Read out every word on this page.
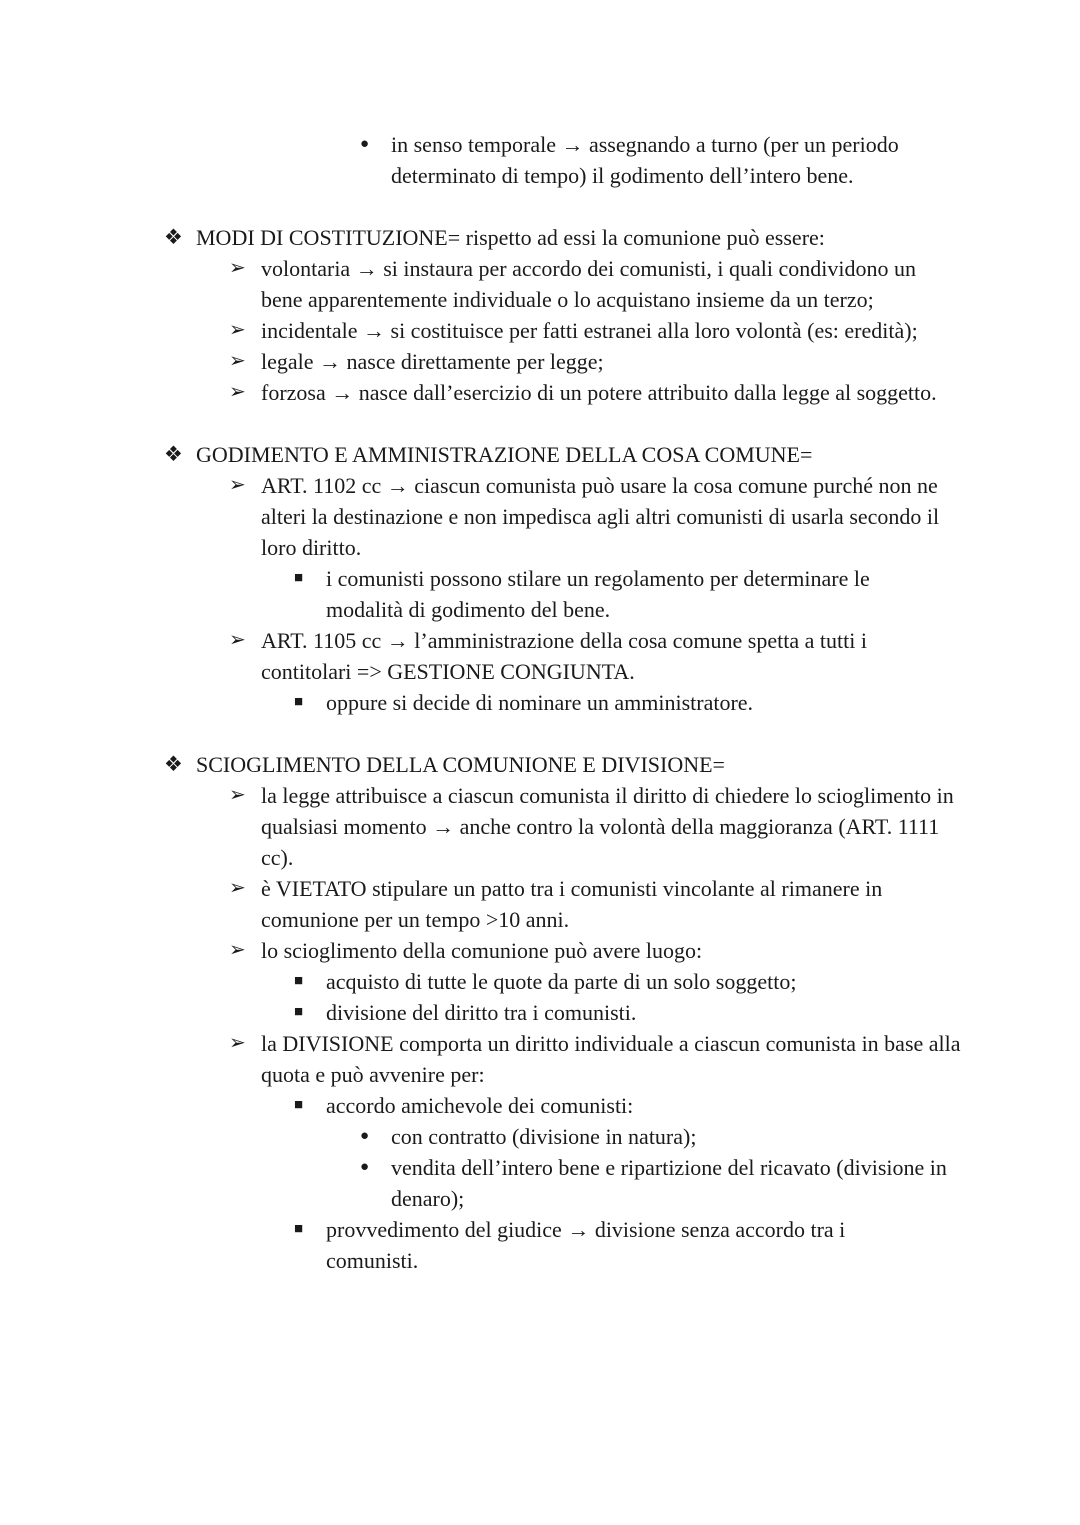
● in senso temporale → assegnando a turno (per un periodo determinato di tempo) il godimento dell’intero bene.
❖ MODI DI COSTITUZIONE= rispetto ad essi la comunione può essere:
➢ volontaria → si instaura per accordo dei comunisti, i quali condividono un bene apparentemente individuale o lo acquistano insieme da un terzo;
➢ incidentale → si costituisce per fatti estranei alla loro volontà (es: eredità);
➢ legale → nasce direttamente per legge;
➢ forzosa → nasce dall’esercizio di un potere attribuito dalla legge al soggetto.
❖ GODIMENTO E AMMINISTRAZIONE DELLA COSA COMUNE=
➢ ART. 1102 cc → ciascun comunista può usare la cosa comune purché non ne alteri la destinazione e non impedisca agli altri comunisti di usarla secondo il loro diritto.
■ i comunisti possono stilare un regolamento per determinare le modalità di godimento del bene.
➢ ART. 1105 cc → l’amministrazione della cosa comune spetta a tutti i contitolari => GESTIONE CONGIUNTA.
■ oppure si decide di nominare un amministratore.
❖ SCIOGLIMENTO DELLA COMUNIONE E DIVISIONE=
➢ la legge attribuisce a ciascun comunista il diritto di chiedere lo scioglimento in qualsiasi momento → anche contro la volontà della maggioranza (ART. 1111 cc).
➢ è VIETATO stipulare un patto tra i comunisti vincolante al rimanere in comunione per un tempo >10 anni.
➢ lo scioglimento della comunione può avere luogo:
■ acquisto di tutte le quote da parte di un solo soggetto;
■ divisione del diritto tra i comunisti.
➢ la DIVISIONE comporta un diritto individuale a ciascun comunista in base alla quota e può avvenire per:
■ accordo amichevole dei comunisti:
● con contratto (divisione in natura);
● vendita dell’intero bene e ripartizione del ricavato (divisione in denaro);
■ provvedimento del giudice → divisione senza accordo tra i comunisti.
